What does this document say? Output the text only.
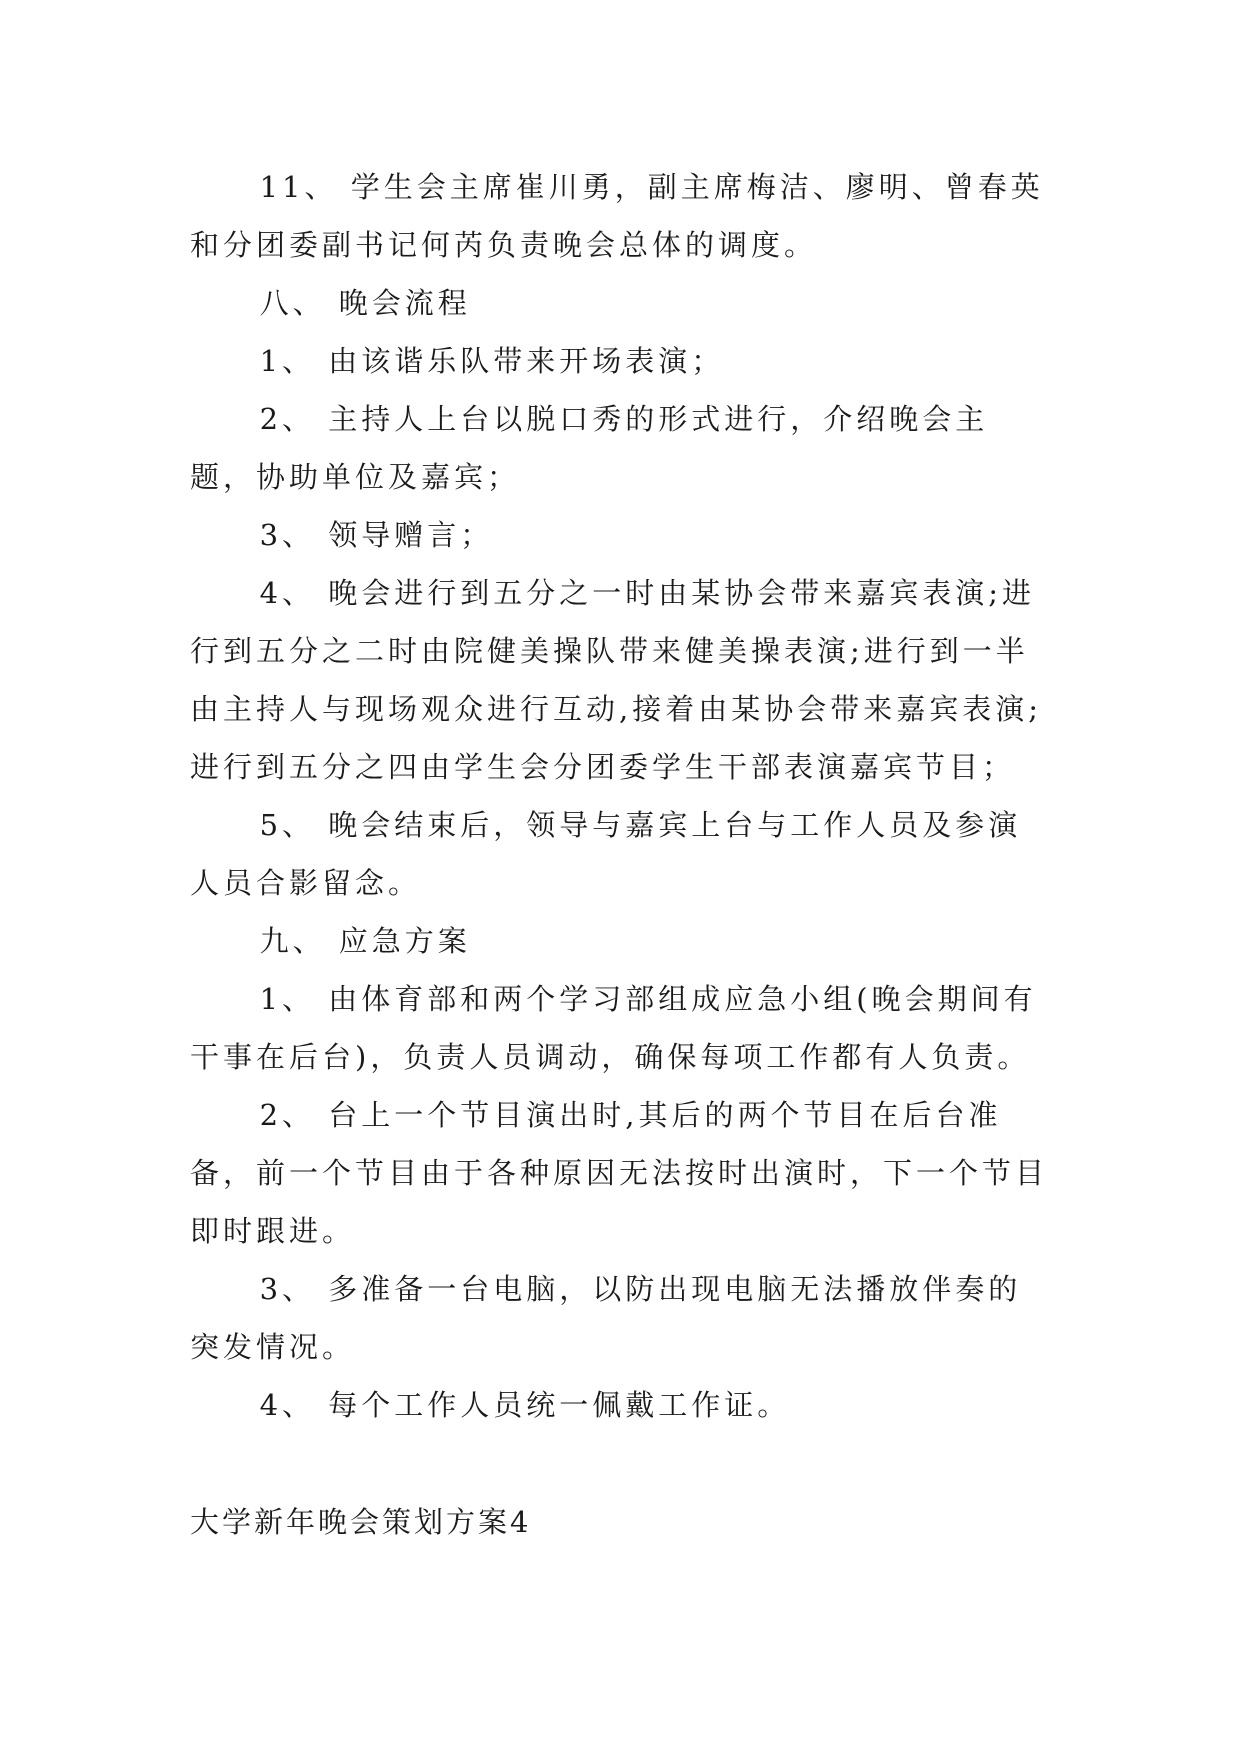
11、 学生会主席崔川勇，副主席梅洁、廖明、曾春英和分团委副书记何芮负责晚会总体的调度。

八、 晚会流程

1、 由该谐乐队带来开场表演；

2、 主持人上台以脱口秀的形式进行，介绍晚会主题，协助单位及嘉宾；

3、 领导赠言；

4、 晚会进行到五分之一时由某协会带来嘉宾表演;进行到五分之二时由院健美操队带来健美操表演;进行到一半由主持人与现场观众进行互动,接着由某协会带来嘉宾表演;进行到五分之四由学生会分团委学生干部表演嘉宾节目；

5、 晚会结束后，领导与嘉宾上台与工作人员及参演人员合影留念。

九、 应急方案

1、 由体育部和两个学习部组成应急小组(晚会期间有干事在后台)，负责人员调动，确保每项工作都有人负责。

2、 台上一个节目演出时,其后的两个节目在后台准备，前一个节目由于各种原因无法按时出演时，下一个节目即时跟进。

3、 多准备一台电脑，以防出现电脑无法播放伴奏的突发情况。

4、 每个工作人员统一佩戴工作证。

大学新年晚会策划方案4
